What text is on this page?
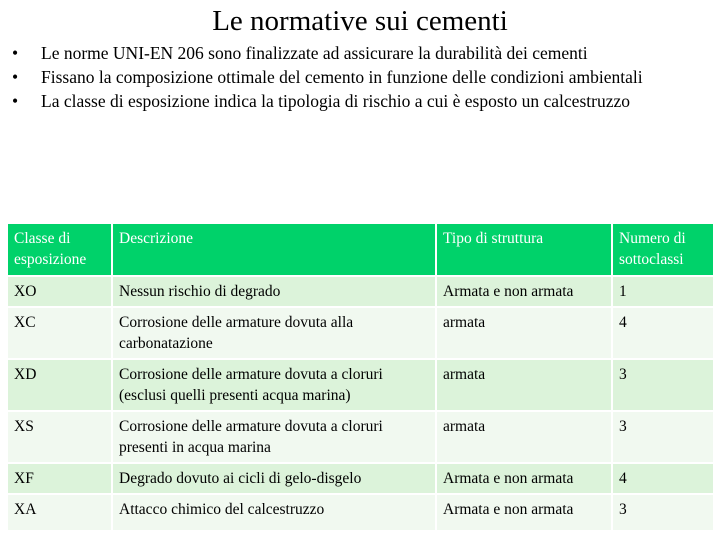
Le normative sui cementi
• Le norme UNI-EN 206 sono finalizzate ad assicurare la durabilità dei cementi
• Fissano la composizione ottimale del cemento in funzione delle condizioni ambientali
• La classe di esposizione indica la tipologia di rischio a cui è esposto un calcestruzzo
Classe di esposizione	Descrizione	Tipo di struttura	Numero di sottoclassi
XO	Nessun rischio di degrado	Armata e non armata	1
XC	Corrosione delle armature dovuta alla carbonatazione	armata	4
XD	Corrosione delle armature dovuta a cloruri (esclusi quelli presenti acqua marina)	armata	3
XS	Corrosione delle armature dovuta a cloruri presenti in acqua marina	armata	3
XF	Degrado dovuto ai cicli di gelo-disgelo	Armata e non armata	4
XA	Attacco chimico del calcestruzzo	Armata e non armata	3
